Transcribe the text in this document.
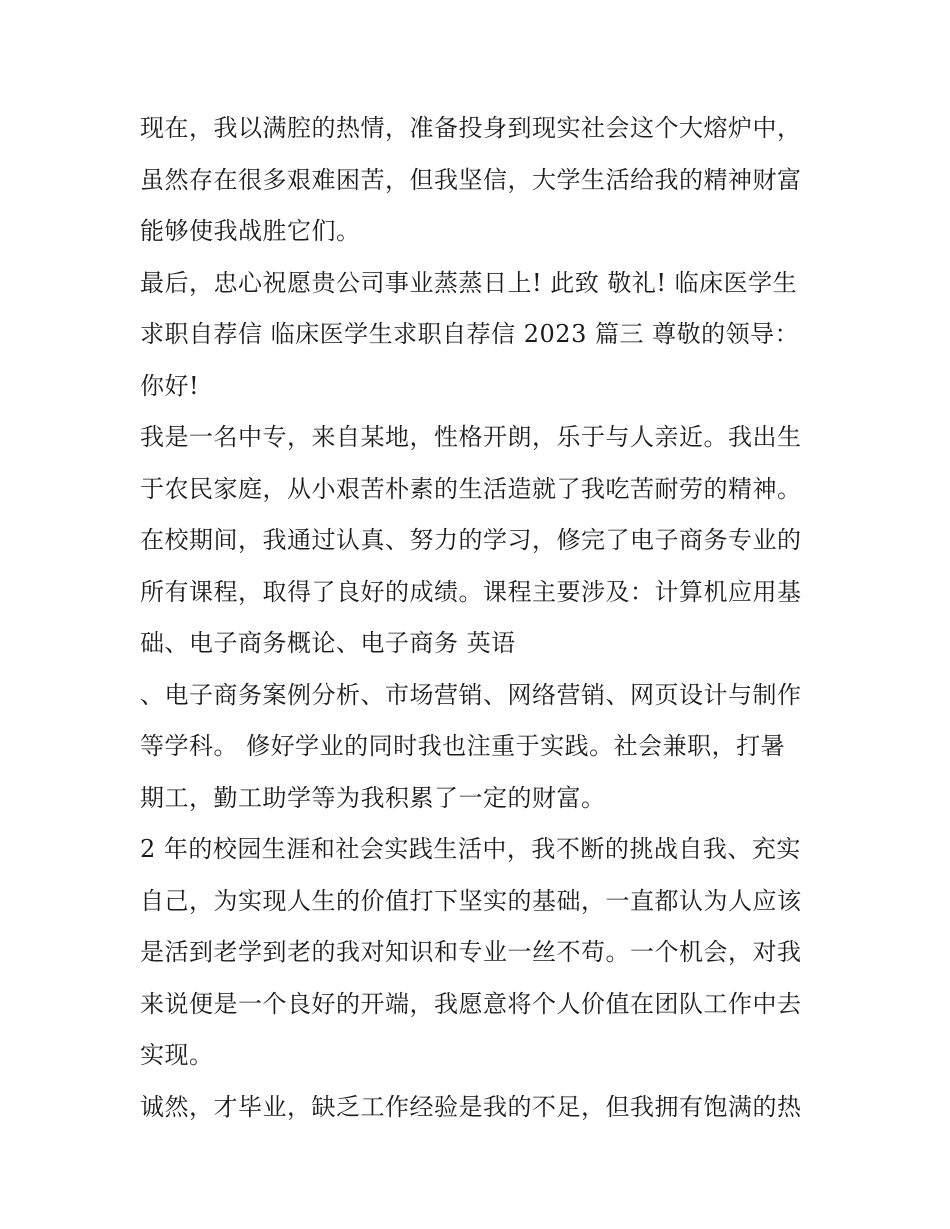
现在，我以满腔的热情，准备投身到现实社会这个大熔炉中，
虽然存在很多艰难困苦，但我坚信，大学生活给我的精神财富
能够使我战胜它们。
最后，忠心祝愿贵公司事业蒸蒸日上! 此致 敬礼! 临床医学生
求职自荐信 临床医学生求职自荐信 2023 篇三 尊敬的领导：
你好!
我是一名中专，来自某地，性格开朗，乐于与人亲近。我出生
于农民家庭，从小艰苦朴素的生活造就了我吃苦耐劳的精神。
在校期间，我通过认真、努力的学习，修完了电子商务专业的
所有课程，取得了良好的成绩。课程主要涉及：计算机应用基
础、电子商务概论、电子商务 英语
、电子商务案例分析、市场营销、网络营销、网页设计与制作
等学科。 修好学业的同时我也注重于实践。社会兼职，打暑
期工，勤工助学等为我积累了一定的财富。
2 年的校园生涯和社会实践生活中，我不断的挑战自我、充实
自己，为实现人生的价值打下坚实的基础，一直都认为人应该
是活到老学到老的我对知识和专业一丝不苟。一个机会，对我
来说便是一个良好的开端，我愿意将个人价值在团队工作中去
实现。
诚然，才毕业，缺乏工作经验是我的不足，但我拥有饱满的热
